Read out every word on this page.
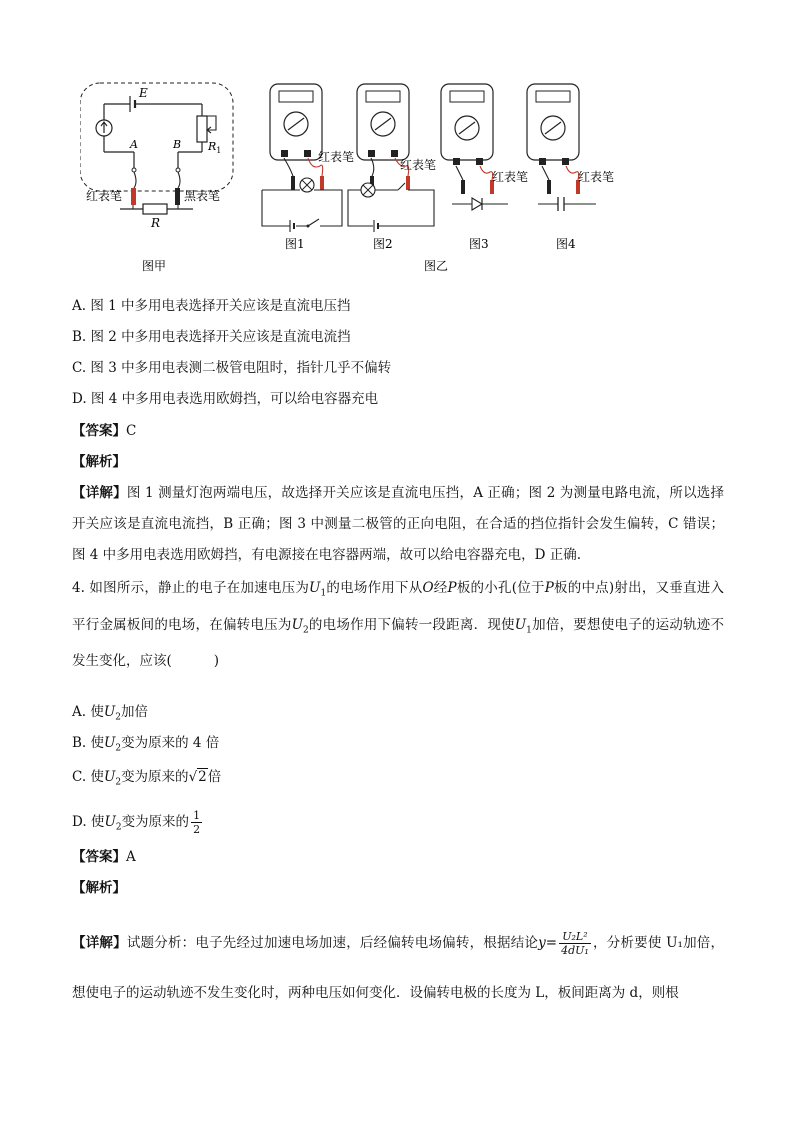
E
A	$R_1$
B
红表笔	黑表笔
R
图甲
红表笔
图1
红表笔
图2
红表笔
图3
红表笔
图4
图乙
A. 图 1 中多用电表选择开关应该是直流电压挡
B. 图 2 中多用电表选择开关应该是直流电流挡
C. 图 3 中多用电表测二极管电阻时，指针几乎不偏转
D. 图 4 中多用电表选用欧姆挡，可以给电容器充电
【答案】C
【解析】
【详解】图 1 测量灯泡两端电压，故选择开关应该是直流电压挡，A 正确；图 2 为测量电路电流，所以选择开关应该是直流电流挡，B 正确；图 3 中测量二极管的正向电阻，在合适的挡位指针会发生偏转，C 错误；图 4 中多用电表选用欧姆挡，有电源接在电容器两端，故可以给电容器充电，D 正确.
4. 如图所示，静止的电子在加速电压为$U_1$的电场作用下从O经P板的小孔(位于P板的中点)射出，又垂直进入平行金属板间的电场，在偏转电压为$U_2$的电场作用下偏转一段距离．现使$U_1$加倍，要想使电子的运动轨迹不发生变化，应该(	)
A. 使$U_2$加倍
B. 使$U_2$变为原来的 4 倍
C. 使$U_2$变为原来的√2倍
D. 使$U_2$变为原来的 $\frac{1}{2}$
【答案】A
【解析】
【详解】试题分析：电子先经过加速电场加速，后经偏转电场偏转，根据结论$y= \frac{\text{U₂L²}}{\text{4dU₁}}$ ，分析要使 U₁加倍，想使电子的运动轨迹不发生变化时，两种电压如何变化．设偏转电极的长度为 L，板间距离为 d，则根
